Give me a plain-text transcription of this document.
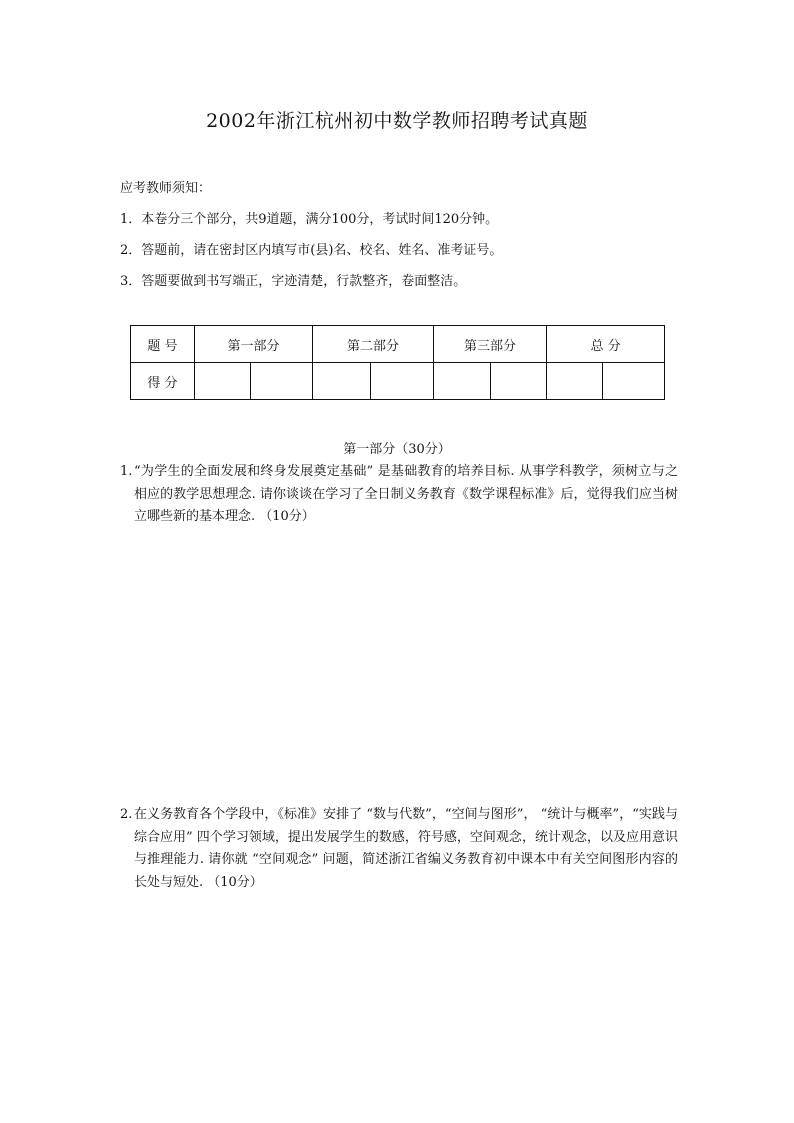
2002年浙江杭州初中数学教师招聘考试真题
应考教师须知：
1．本卷分三个部分，共9道题，满分100分，考试时间120分钟。
2．答题前，请在密封区内填写市(县)名、校名、姓名、准考证号。
3．答题要做到书写端正，字迹清楚，行款整齐，卷面整洁。
题 号	第一部分		第二部分		第三部分		总 分	
得 分								
第一部分（30分）
1. “为学生的全面发展和终身发展奠定基础” 是基础教育的培养目标. 从事学科教学，须树立与之相应的教学思想理念. 请你谈谈在学习了全日制义务教育《数学课程标准》后，觉得我们应当树立哪些新的基本理念. （10分）
2. 在义务教育各个学段中，《标准》安排了 “数与代数”，“空间与图形”， “统计与概率”，“实践与综合应用” 四个学习领域，提出发展学生的数感，符号感，空间观念，统计观念，以及应用意识与推理能力. 请你就 “空间观念” 问题，简述浙江省编义务教育初中课本中有关空间图形内容的长处与短处. （10分）
